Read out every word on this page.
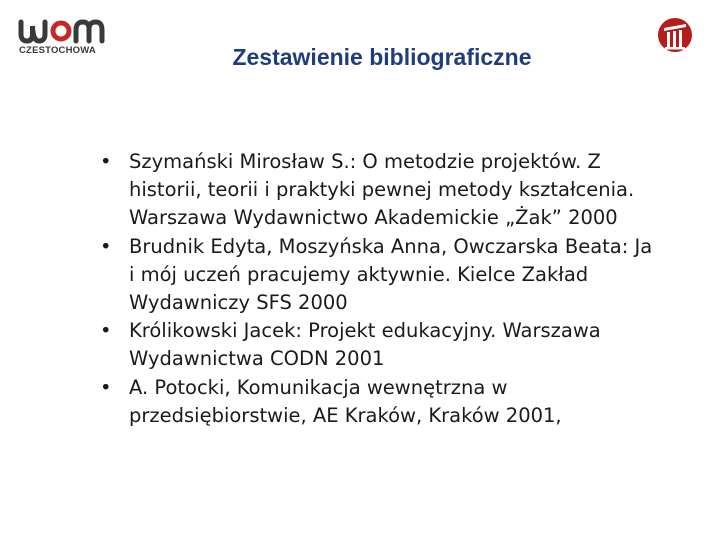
CZESTOCHOWA	Zestawienie bibliograficzne
• Szymański Mirosław S.: O metodzie projektów. Z historii, teorii i praktyki pewnej metody kształcenia. Warszawa Wydawnictwo Akademickie „Żak” 2000
• Brudnik Edyta, Moszyńska Anna, Owczarska Beata: Ja i mój uczeń pracujemy aktywnie. Kielce Zakład Wydawniczy SFS 2000
• Królikowski Jacek: Projekt edukacyjny. Warszawa Wydawnictwa CODN 2001
• A. Potocki, Komunikacja wewnętrzna w przedsiębiorstwie, AE Kraków, Kraków 2001,
